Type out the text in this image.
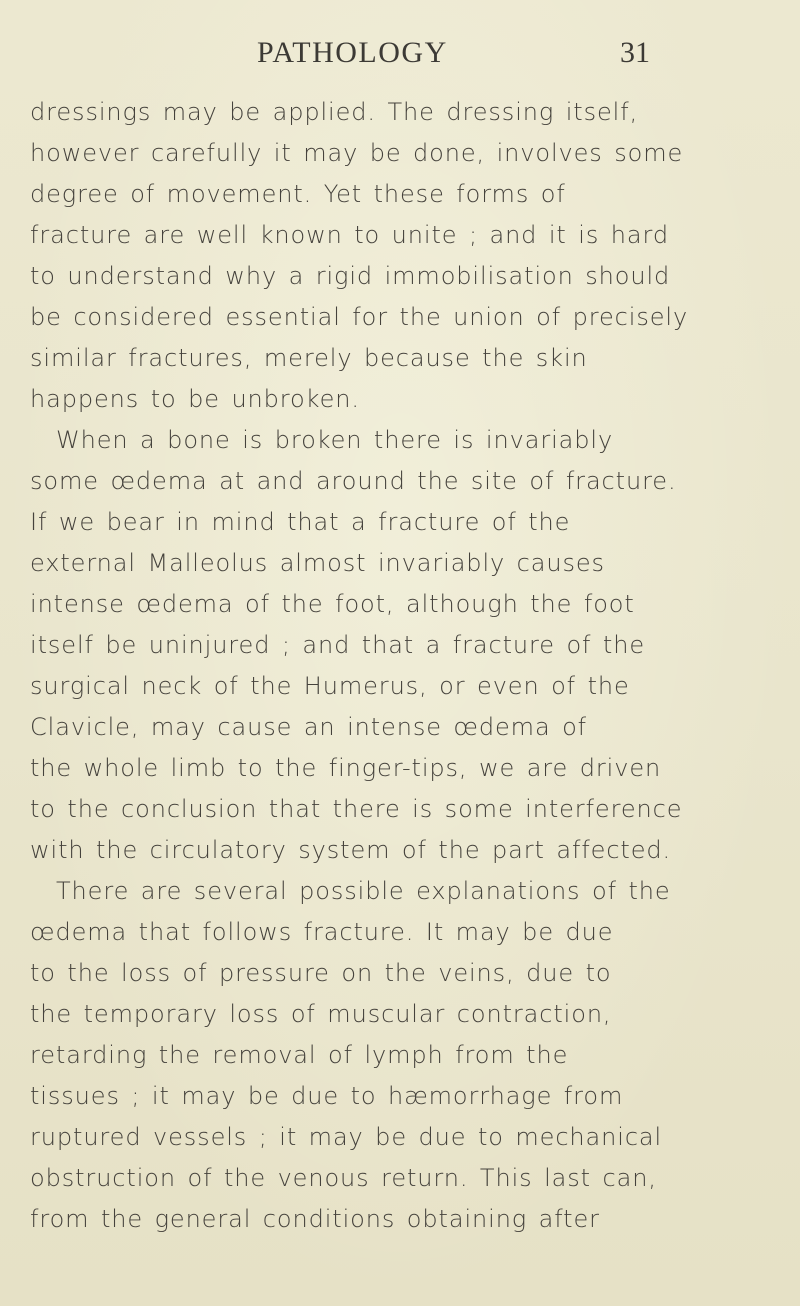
PATHOLOGY	31
dressings may be applied. The dressing itself,
however carefully it may be done, involves some
degree of movement. Yet these forms of
fracture are well known to unite ; and it is hard
to understand why a rigid immobilisation should
be considered essential for the union of precisely
similar fractures, merely because the skin
happens to be unbroken.
When a bone is broken there is invariably
some œdema at and around the site of fracture.
If we bear in mind that a fracture of the
external Malleolus almost invariably causes
intense œdema of the foot, although the foot
itself be uninjured ; and that a fracture of the
surgical neck of the Humerus, or even of the
Clavicle, may cause an intense œdema of
the whole limb to the finger-tips, we are driven
to the conclusion that there is some interference
with the circulatory system of the part affected.
There are several possible explanations of the
œdema that follows fracture. It may be due
to the loss of pressure on the veins, due to
the temporary loss of muscular contraction,
retarding the removal of lymph from the
tissues ; it may be due to hæmorrhage from
ruptured vessels ; it may be due to mechanical
obstruction of the venous return. This last can,
from the general conditions obtaining after
